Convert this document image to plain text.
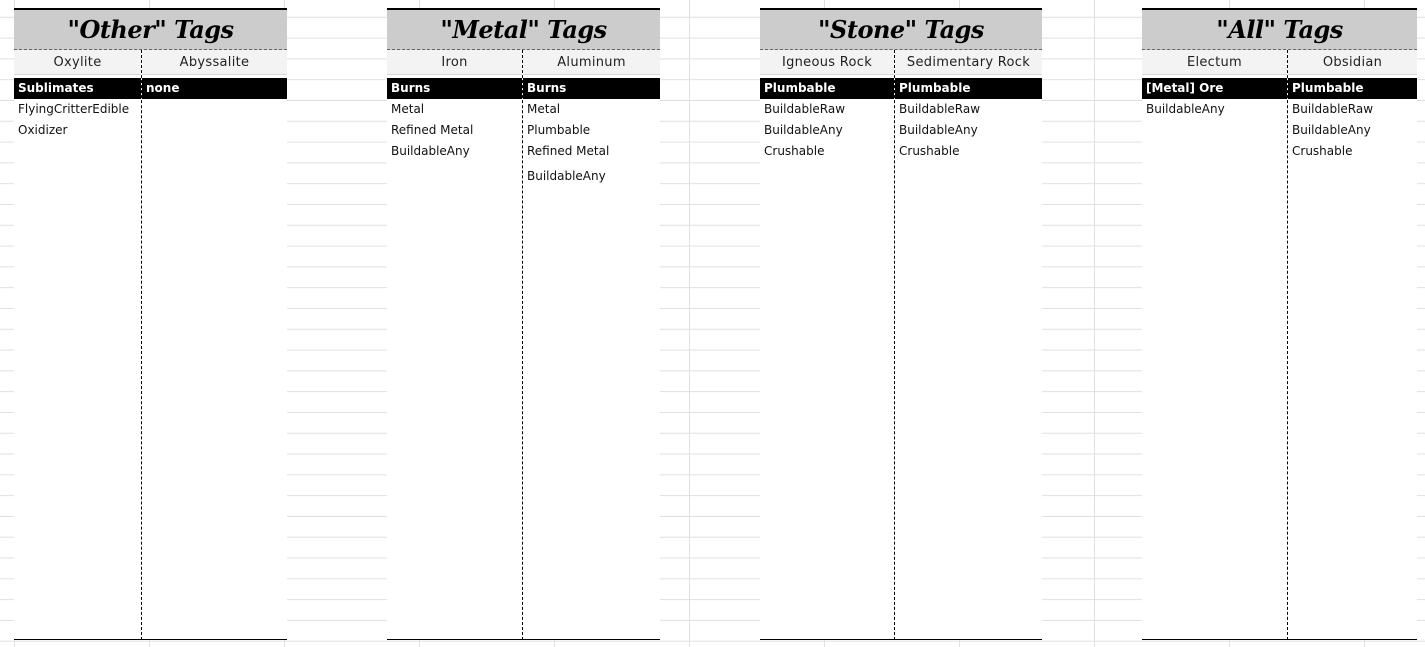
"Other" Tags
Oxylite
Sublimates
FlyingCritterEdible
Oxidizer
Abyssalite
none
"Metal" Tags
Iron
Burns
Metal
Refined Metal
BuildableAny
Aluminum
Burns
Metal
Plumbable
Refined Metal
BuildableAny
"Stone" Tags
Igneous Rock
Plumbable
BuildableRaw
BuildableAny
Crushable
Sedimentary Rock
Plumbable
BuildableRaw
BuildableAny
Crushable
"All" Tags
Electum
[Metal] Ore
BuildableAny
Obsidian
Plumbable
BuildableRaw
BuildableAny
Crushable
